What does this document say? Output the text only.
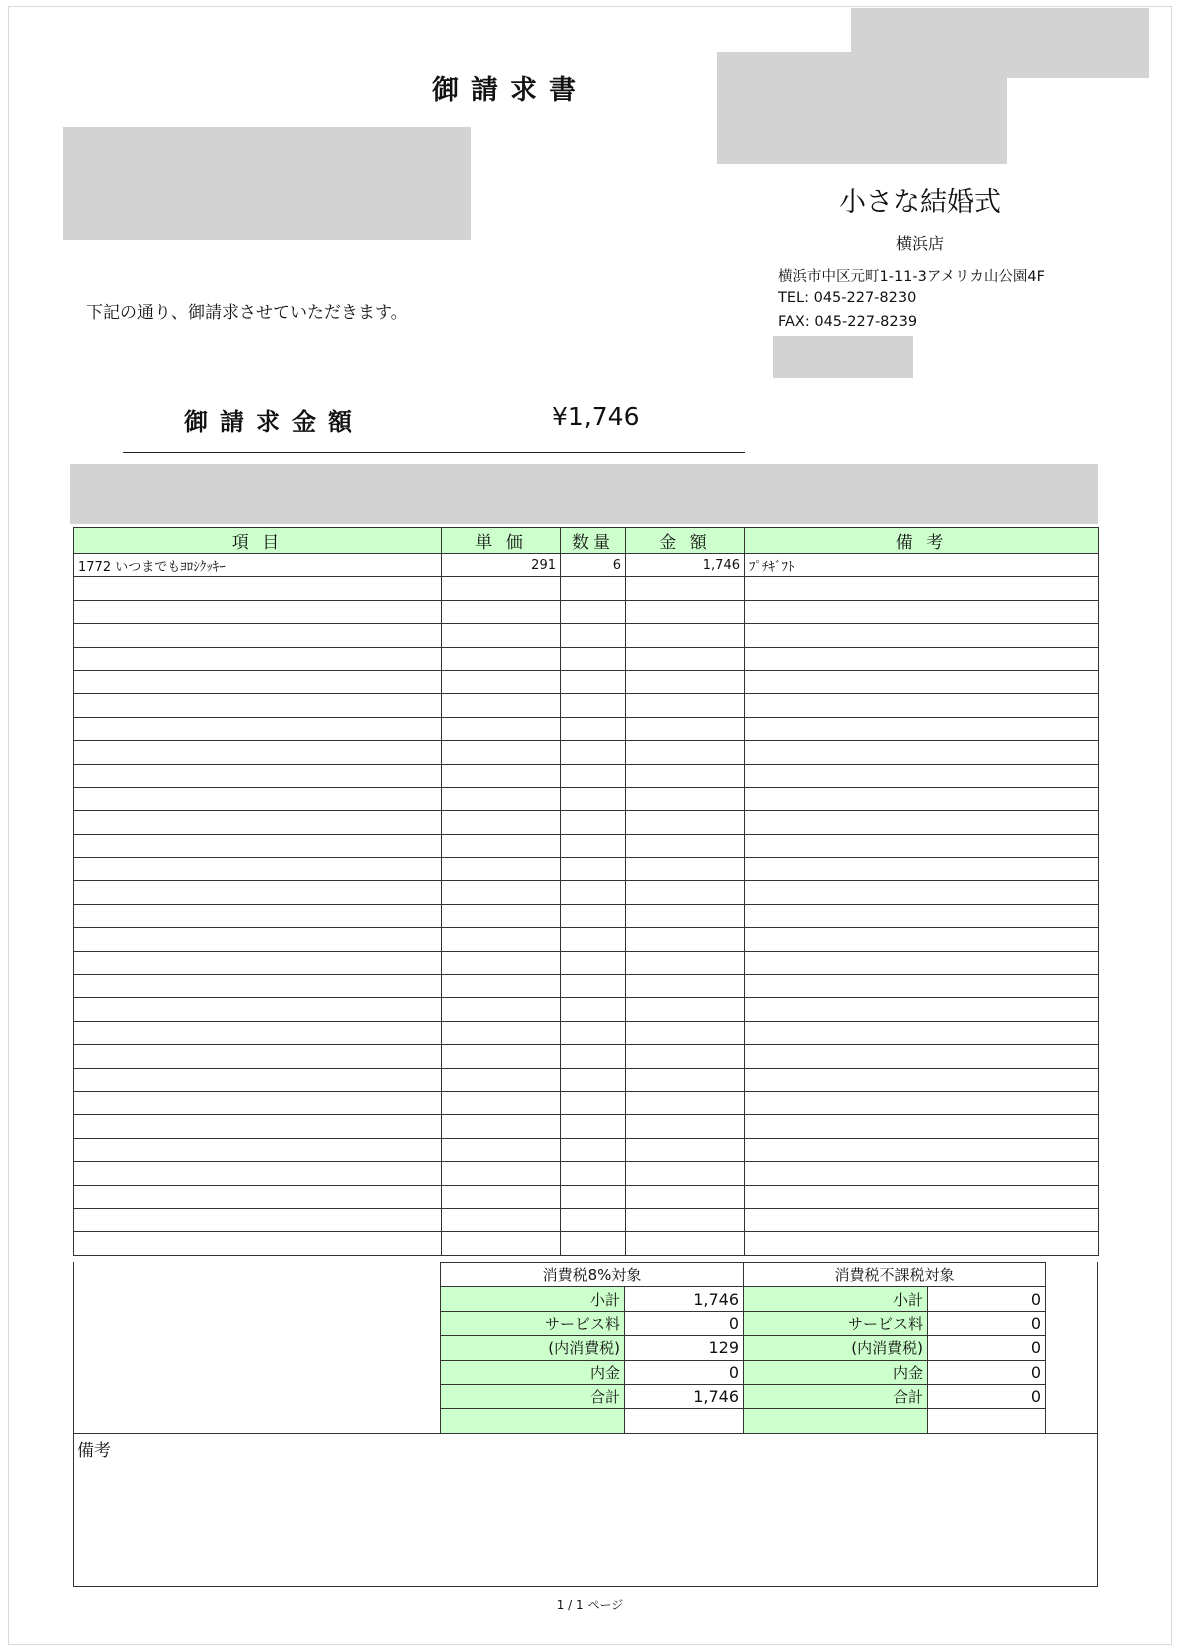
御請求書
小さな結婚式
横浜店
横浜市中区元町1-11-3アメリカ山公園4F
TEL: 045-227-8230
FAX: 045-227-8239
下記の通り、御請求させていただきます。
御請求金額	¥1,746
項 目	単 価	数量	金 額	備 考
1772 いつまでもﾖﾛｼｸｯｷｰ	291	6	1,746	ﾌﾟﾁｷﾞﾌﾄ

消費税8%対象		消費税不課税対象	
小計	1,746	小計	0
サービス料	0	サービス料	0
(内消費税)	129	(内消費税)	0
内金	0	内金	0
合計	1,746	合計	0

備考
1 / 1 ページ
